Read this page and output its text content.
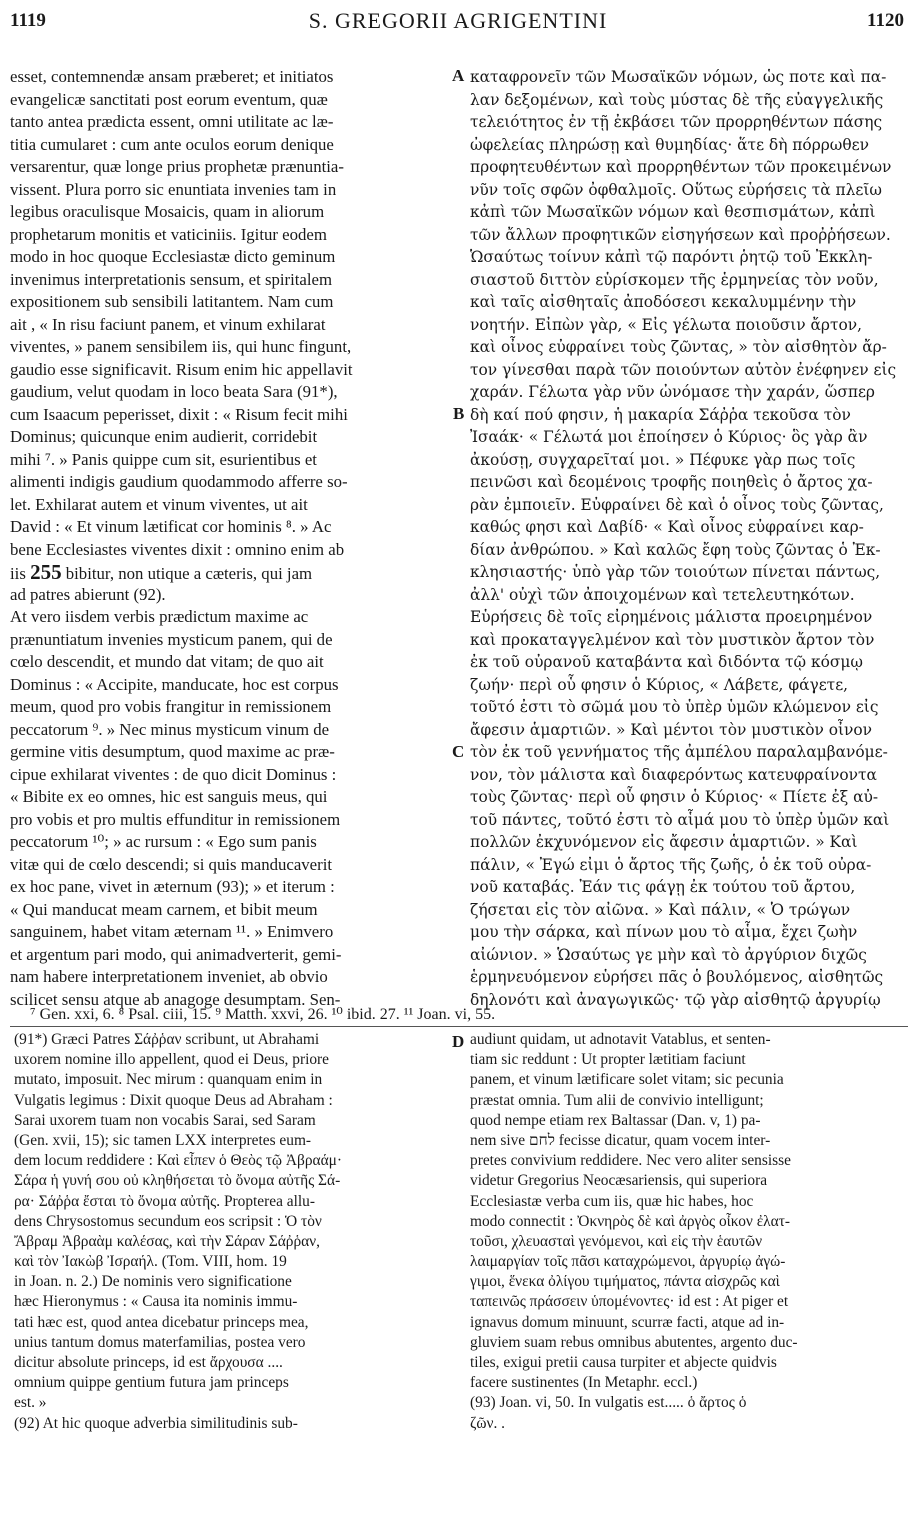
1119	S. GREGORII AGRIGENTINI	1120
esset, contemnendæ ansam præberet; et initiatos
evangelicæ sanctitati post eorum eventum, quæ
tanto antea prædicta essent, omni utilitate ac læ-
titia cumularet : cum ante oculos eorum denique
versarentur, quæ longe prius prophetæ prænuntia-
vissent. Plura porro sic enuntiata invenies tam in
legibus oraculisque Mosaicis, quam in aliorum
prophetarum monitis et vaticiniis. Igitur eodem
modo in hoc quoque Ecclesiastæ dicto geminum
invenimus interpretationis sensum, et spiritalem
expositionem sub sensibili latitantem. Nam cum
ait , « In risu faciunt panem, et vinum exhilarat
viventes, » panem sensibilem iis, qui hunc fingunt,
gaudio esse significavit. Risum enim hic appellavit
gaudium, velut quodam in loco beata Sara (91*),
cum Isaacum peperisset, dixit : « Risum fecit mihi
Dominus; quicunque enim audierit, corridebit
mihi ⁷. » Panis quippe cum sit, esurientibus et
alimenti indigis gaudium quodammodo afferre so-
let. Exhilarat autem et vinum viventes, ut ait
David : « Et vinum lætificat cor hominis ⁸. » Ac
bene Ecclesiastes viventes dixit : omnino enim ab
iis 255 bibitur, non utique a cæteris, qui jam
ad patres abierunt (92).
At vero iisdem verbis prædictum maxime ac
prænuntiatum invenies mysticum panem, qui de
cœlo descendit, et mundo dat vitam; de quo ait
Dominus : « Accipite, manducate, hoc est corpus
meum, quod pro vobis frangitur in remissionem
peccatorum ⁹. » Nec minus mysticum vinum de
germine vitis desumptum, quod maxime ac præ-
cipue exhilarat viventes : de quo dicit Dominus :
« Bibite ex eo omnes, hic est sanguis meus, qui
pro vobis et pro multis effunditur in remissionem
peccatorum ¹⁰; » ac rursum : « Ego sum panis
vitæ qui de cœlo descendi; si quis manducaverit
ex hoc pane, vivet in æternum (93); » et iterum :
« Qui manducat meam carnem, et bibit meum
sanguinem, habet vitam æternam ¹¹. » Enimvero
et argentum pari modo, qui animadverterit, gemi-
nam habere interpretationem inveniet, ab obvio
scilicet sensu atque ab anagoge desumptam. Sen-
καταφρονεῖν τῶν Μωσαϊκῶν νόμων, ὡς ποτε καὶ πα-
λαν δεξομένων, καὶ τοὺς μύστας δὲ τῆς εὐαγγελικῆς
τελειότητος ἐν τῇ ἐκβάσει τῶν προρρηθέντων πάσης
ὠφελείας πληρώσῃ καὶ θυμηδίας· ἅτε δὴ πόρρωθεν
προφητευθέντων καὶ προρρηθέντων τῶν προκειμένων
νῦν τοῖς σφῶν ὀφθαλμοῖς. Οὕτως εὑρήσεις τὰ πλεῖω
κἀπὶ τῶν Μωσαϊκῶν νόμων καὶ θεσπισμάτων, κἀπὶ
τῶν ἄλλων προφητικῶν εἰσηγήσεων καὶ προῤῥήσεων.
Ὡσαύτως τοίνυν κἀπὶ τῷ παρόντι ῥητῷ τοῦ Ἐκκλη-
σιαστοῦ διττὸν εὑρίσκομεν τῆς ἑρμηνείας τὸν νοῦν,
καὶ ταῖς αἰσθηταῖς ἀποδόσεσι κεκαλυμμένην τὴν
νοητήν. Εἰπὼν γὰρ, « Εἰς γέλωτα ποιοῦσιν ἄρτον,
καὶ οἶνος εὐφραίνει τοὺς ζῶντας, » τὸν αἰσθητὸν ἄρ-
τον γίνεσθαι παρὰ τῶν ποιούντων αὐτὸν ἐνέφηνεν εἰς
χαράν. Γέλωτα γὰρ νῦν ὠνόμασε τὴν χαράν, ὥσπερ
δὴ καί πού φησιν, ἡ μακαρία Σάῤῥα τεκοῦσα τὸν
Ἰσαάκ· « Γέλωτά μοι ἐποίησεν ὁ Κύριος· ὃς γὰρ ἂν
ἀκούσῃ, συγχαρεῖταί μοι. » Πέφυκε γὰρ πως τοῖς
πεινῶσι καὶ δεομένοις τροφῆς ποιηθεὶς ὁ ἄρτος χα-
ρὰν ἐμποιεῖν. Εὐφραίνει δὲ καὶ ὁ οἶνος τοὺς ζῶντας,
καθώς φησι καὶ Δαβίδ· « Καὶ οἶνος εὐφραίνει καρ-
δίαν ἀνθρώπου. » Καὶ καλῶς ἔφη τοὺς ζῶντας ὁ Ἐκ-
κλησιαστής· ὑπὸ γὰρ τῶν τοιούτων πίνεται πάντως,
ἀλλ' οὐχὶ τῶν ἀποιχομένων καὶ τετελευτηκότων.
Εὑρήσεις δὲ τοῖς εἰρημένοις μάλιστα προειρημένον
καὶ προκαταγγελμένον καὶ τὸν μυστικὸν ἄρτον τὸν
ἐκ τοῦ οὐρανοῦ καταβάντα καὶ διδόντα τῷ κόσμῳ
ζωήν· περὶ οὗ φησιν ὁ Κύριος, « Λάβετε, φάγετε,
τοῦτό ἐστι τὸ σῶμά μου τὸ ὑπὲρ ὑμῶν κλώμενον εἰς
ἄφεσιν ἁμαρτιῶν. » Καὶ μέντοι τὸν μυστικὸν οἶνον
τὸν ἐκ τοῦ γεννήματος τῆς ἀμπέλου παραλαμβανόμε-
νον, τὸν μάλιστα καὶ διαφερόντως κατευφραίνοντα
τοὺς ζῶντας· περὶ οὗ φησιν ὁ Κύριος· « Πίετε ἐξ αὐ-
τοῦ πάντες, τοῦτό ἐστι τὸ αἷμά μου τὸ ὑπὲρ ὑμῶν καὶ
πολλῶν ἐκχυνόμενον εἰς ἄφεσιν ἁμαρτιῶν. » Καὶ
πάλιν, « Ἐγώ εἰμι ὁ ἄρτος τῆς ζωῆς, ὁ ἐκ τοῦ οὐρα-
νοῦ καταβάς. Ἐάν τις φάγῃ ἐκ τούτου τοῦ ἄρτου,
ζήσεται εἰς τὸν αἰῶνα. » Καὶ πάλιν, « Ὁ τρώγων
μου τὴν σάρκα, καὶ πίνων μου τὸ αἷμα, ἔχει ζωὴν
αἰώνιον. » Ὡσαύτως γε μὴν καὶ τὸ ἀργύριον διχῶς
ἑρμηνευόμενον εὑρήσει πᾶς ὁ βουλόμενος, αἰσθητῶς
δηλονότι καὶ ἀναγωγικῶς· τῷ γὰρ αἰσθητῷ ἀργυρίῳ
A
B
C
D
⁷ Gen. xxi, 6. ⁸ Psal. ciii, 15. ⁹ Matth. xxvi, 26. ¹⁰ ibid. 27. ¹¹ Joan. vi, 55.
(91*) Græci Patres Σάῤῥαν scribunt, ut Abrahami
uxorem nomine illo appellent, quod ei Deus, priore
mutato, imposuit. Nec mirum : quanquam enim in
Vulgatis legimus : Dixit quoque Deus ad Abraham :
Sarai uxorem tuam non vocabis Sarai, sed Saram
(Gen. xvii, 15); sic tamen LXX interpretes eum-
dem locum reddidere : Καὶ εἶπεν ὁ Θεὸς τῷ Ἀβραάμ·
Σάρα ἡ γυνή σου οὐ κληθήσεται τὸ ὄνομα αὐτῆς Σά-
ρα· Σάῤῥα ἔσται τὸ ὄνομα αὐτῆς. Propterea allu-
dens Chrysostomus secundum eos scripsit : Ὁ τὸν
Ἄβραμ Ἀβραὰμ καλέσας, καὶ τὴν Σάραν Σάῤῥαν,
καὶ τὸν Ἰακὼβ Ἰσραήλ. (Tom. VIII, hom. 19
in Joan. n. 2.) De nominis vero significatione
hæc Hieronymus : « Causa ita nominis immu-
tati hæc est, quod antea dicebatur princeps mea,
unius tantum domus materfamilias, postea vero
dicitur absolute princeps, id est ἄρχουσα ....
omnium quippe gentium futura jam princeps
est. »
(92) At hic quoque adverbia similitudinis sub-
audiunt quidam, ut adnotavit Vatablus, et senten-
tiam sic reddunt : Ut propter lætitiam faciunt
panem, et vinum lætificare solet vitam; sic pecunia
præstat omnia. Tum alii de convivio intelligunt;
quod nempe etiam rex Baltassar (Dan. v, 1) pa-
nem sive לחם fecisse dicatur, quam vocem inter-
pretes convivium reddidere. Nec vero aliter sensisse
videtur Gregorius Neocæsariensis, qui superiora
Ecclesiastæ verba cum iis, quæ hic habes, hoc
modo connectit : Ὀκνηρὸς δὲ καὶ ἀργὸς οἶκον ἐλατ-
τοῦσι, χλευασταὶ γενόμενοι, καὶ εἰς τὴν ἑαυτῶν
λαιμαργίαν τοῖς πᾶσι καταχρώμενοι, ἀργυρίῳ ἀγώ-
γιμοι, ἕνεκα ὀλίγου τιμήματος, πάντα αἰσχρῶς καὶ
ταπεινῶς πράσσειν ὑπομένοντες· id est : At piger et
ignavus domum minuunt, scurræ facti, atque ad in-
gluviem suam rebus omnibus abutentes, argento duc-
tiles, exigui pretii causa turpiter et abjecte quidvis
facere sustinentes (In Metaphr. eccl.)
(93) Joan. vi, 50. In vulgatis est..... ὁ ἄρτος ὁ
ζῶν. .
